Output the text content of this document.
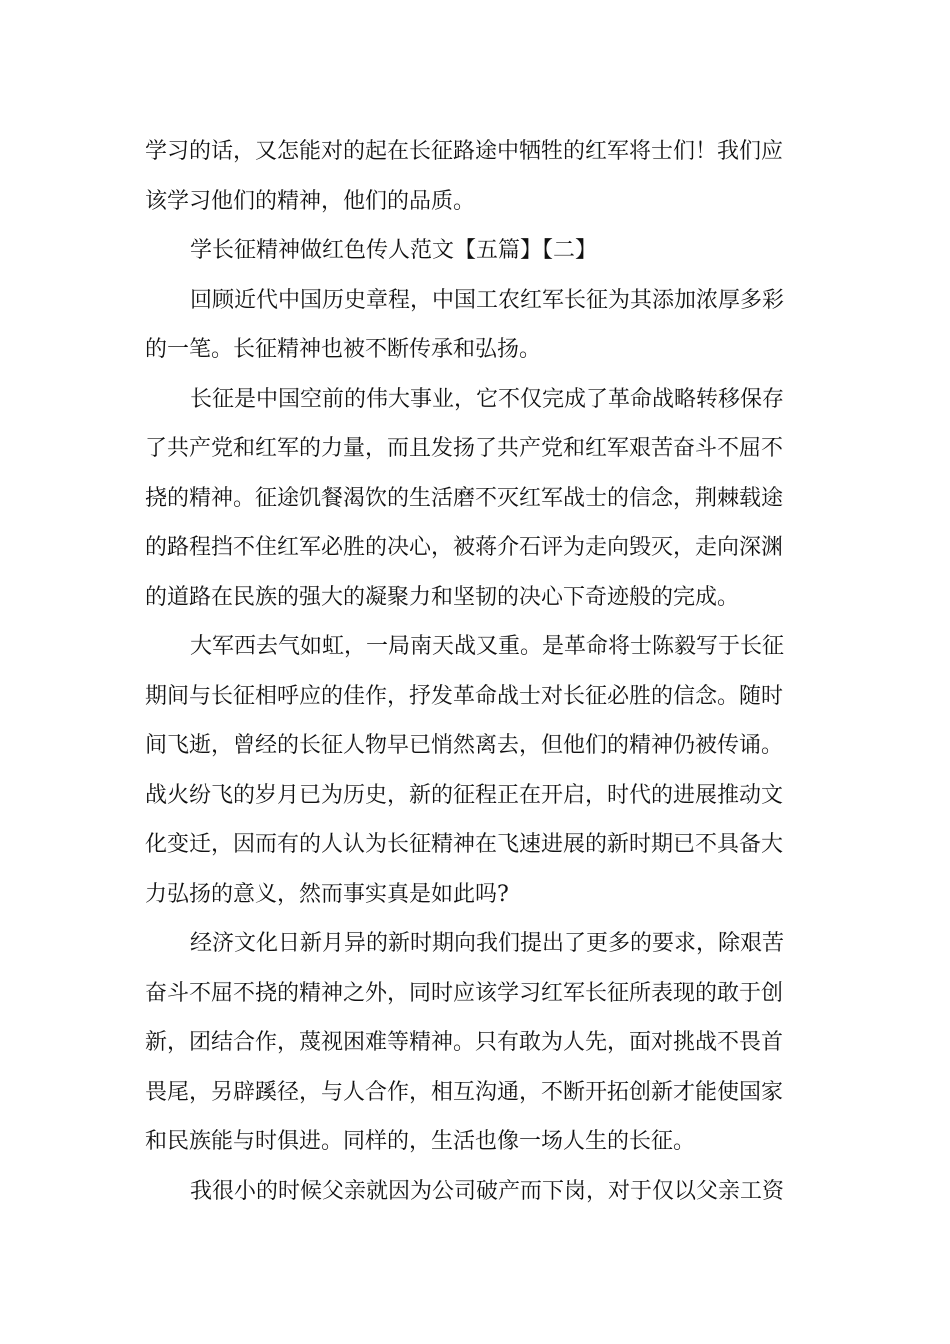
学习的话，又怎能对的起在长征路途中牺牲的红军将士们！我们应
该学习他们的精神，他们的品质。
学长征精神做红色传人范文【五篇】【二】
回顾近代中国历史章程，中国工农红军长征为其添加浓厚多彩
的一笔。长征精神也被不断传承和弘扬。
长征是中国空前的伟大事业，它不仅完成了革命战略转移保存
了共产党和红军的力量，而且发扬了共产党和红军艰苦奋斗不屈不
挠的精神。征途饥餐渴饮的生活磨不灭红军战士的信念，荆棘载途
的路程挡不住红军必胜的决心，被蒋介石评为走向毁灭，走向深渊
的道路在民族的强大的凝聚力和坚韧的决心下奇迹般的完成。
大军西去气如虹，一局南天战又重。是革命将士陈毅写于长征
期间与长征相呼应的佳作，抒发革命战士对长征必胜的信念。随时
间飞逝，曾经的长征人物早已悄然离去，但他们的精神仍被传诵。
战火纷飞的岁月已为历史，新的征程正在开启，时代的进展推动文
化变迁，因而有的人认为长征精神在飞速进展的新时期已不具备大
力弘扬的意义，然而事实真是如此吗?
经济文化日新月异的新时期向我们提出了更多的要求，除艰苦
奋斗不屈不挠的精神之外，同时应该学习红军长征所表现的敢于创
新，团结合作，蔑视困难等精神。只有敢为人先，面对挑战不畏首
畏尾，另辟蹊径，与人合作，相互沟通，不断开拓创新才能使国家
和民族能与时俱进。同样的，生活也像一场人生的长征。
我很小的时候父亲就因为公司破产而下岗，对于仅以父亲工资
